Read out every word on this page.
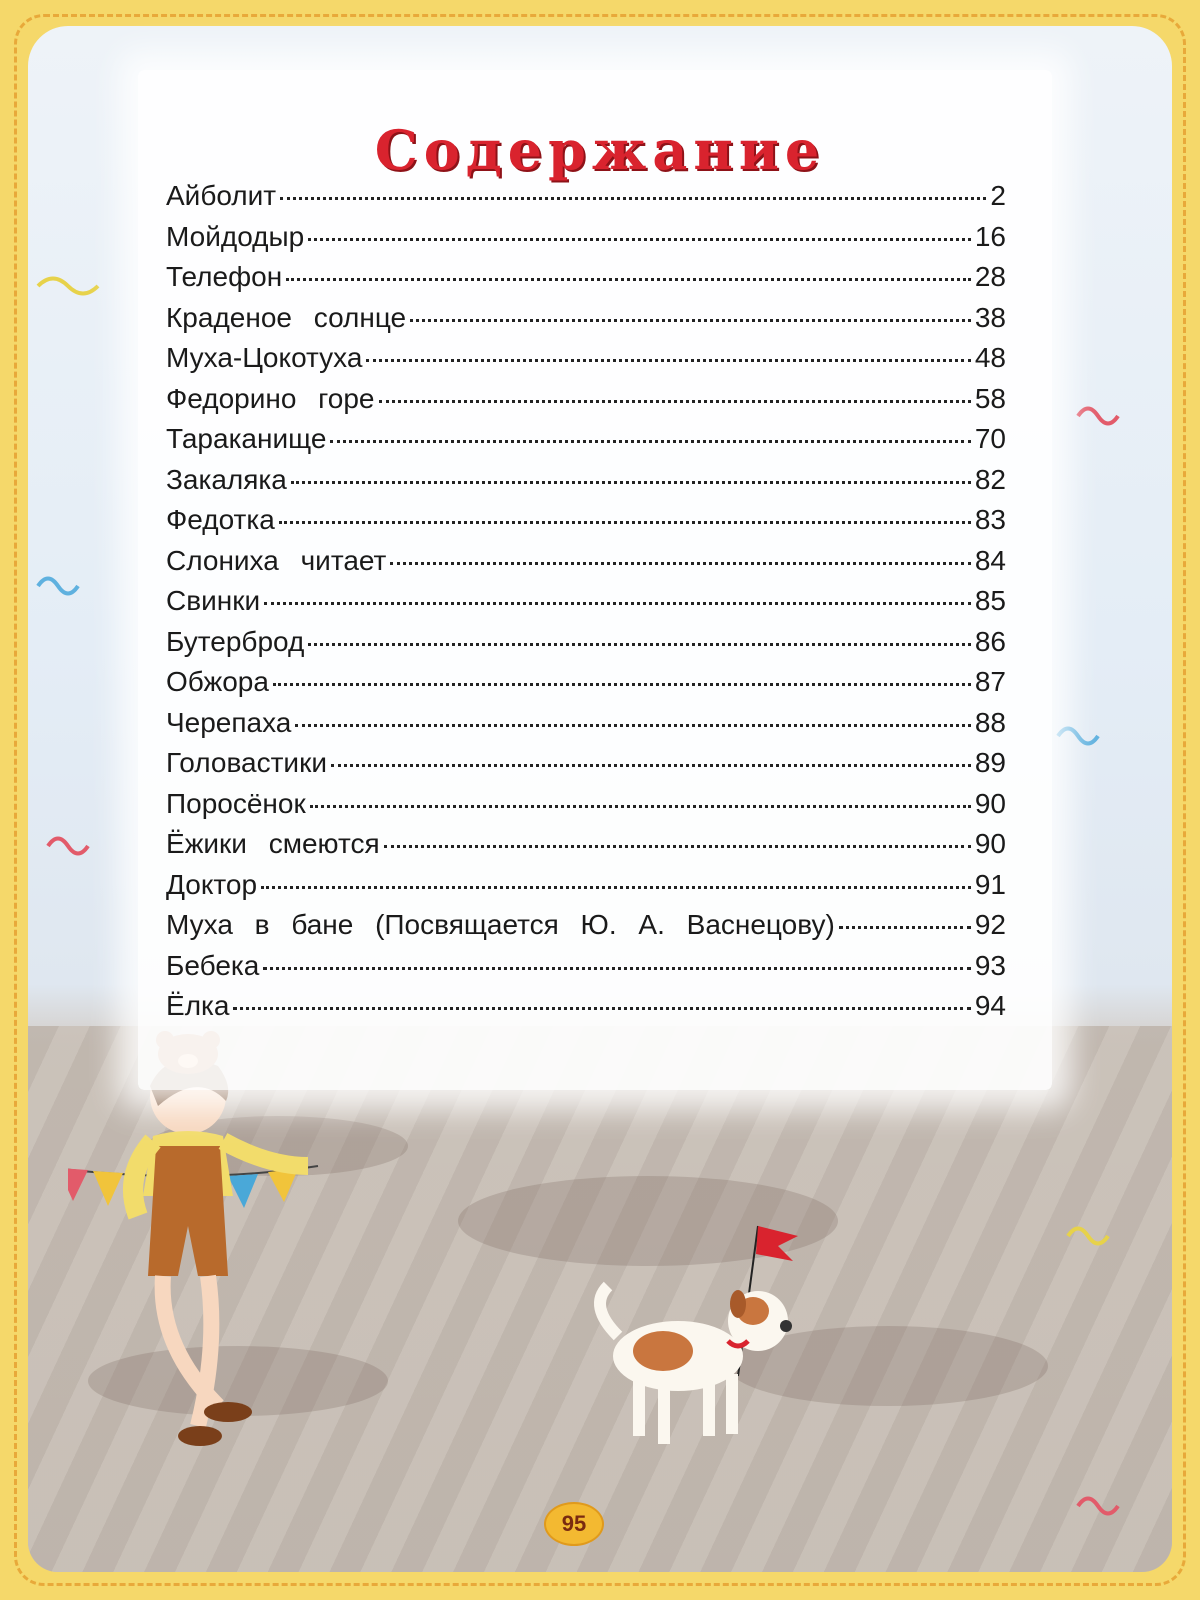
Содержание
Айболит	2
Мойдодыр	16
Телефон	28
Краденое солнце	38
Муха-Цокотуха	48
Федорино горе	58
Тараканище	70
Закаляка	82
Федотка	83
Слониха читает	84
Свинки	85
Бутерброд	86
Обжора	87
Черепаха	88
Головастики	89
Поросёнок	90
Ёжики смеются	90
Доктор	91
Муха в бане (Посвящается Ю. А. Васнецову)	92
Бебека	93
Ёлка	94
95
